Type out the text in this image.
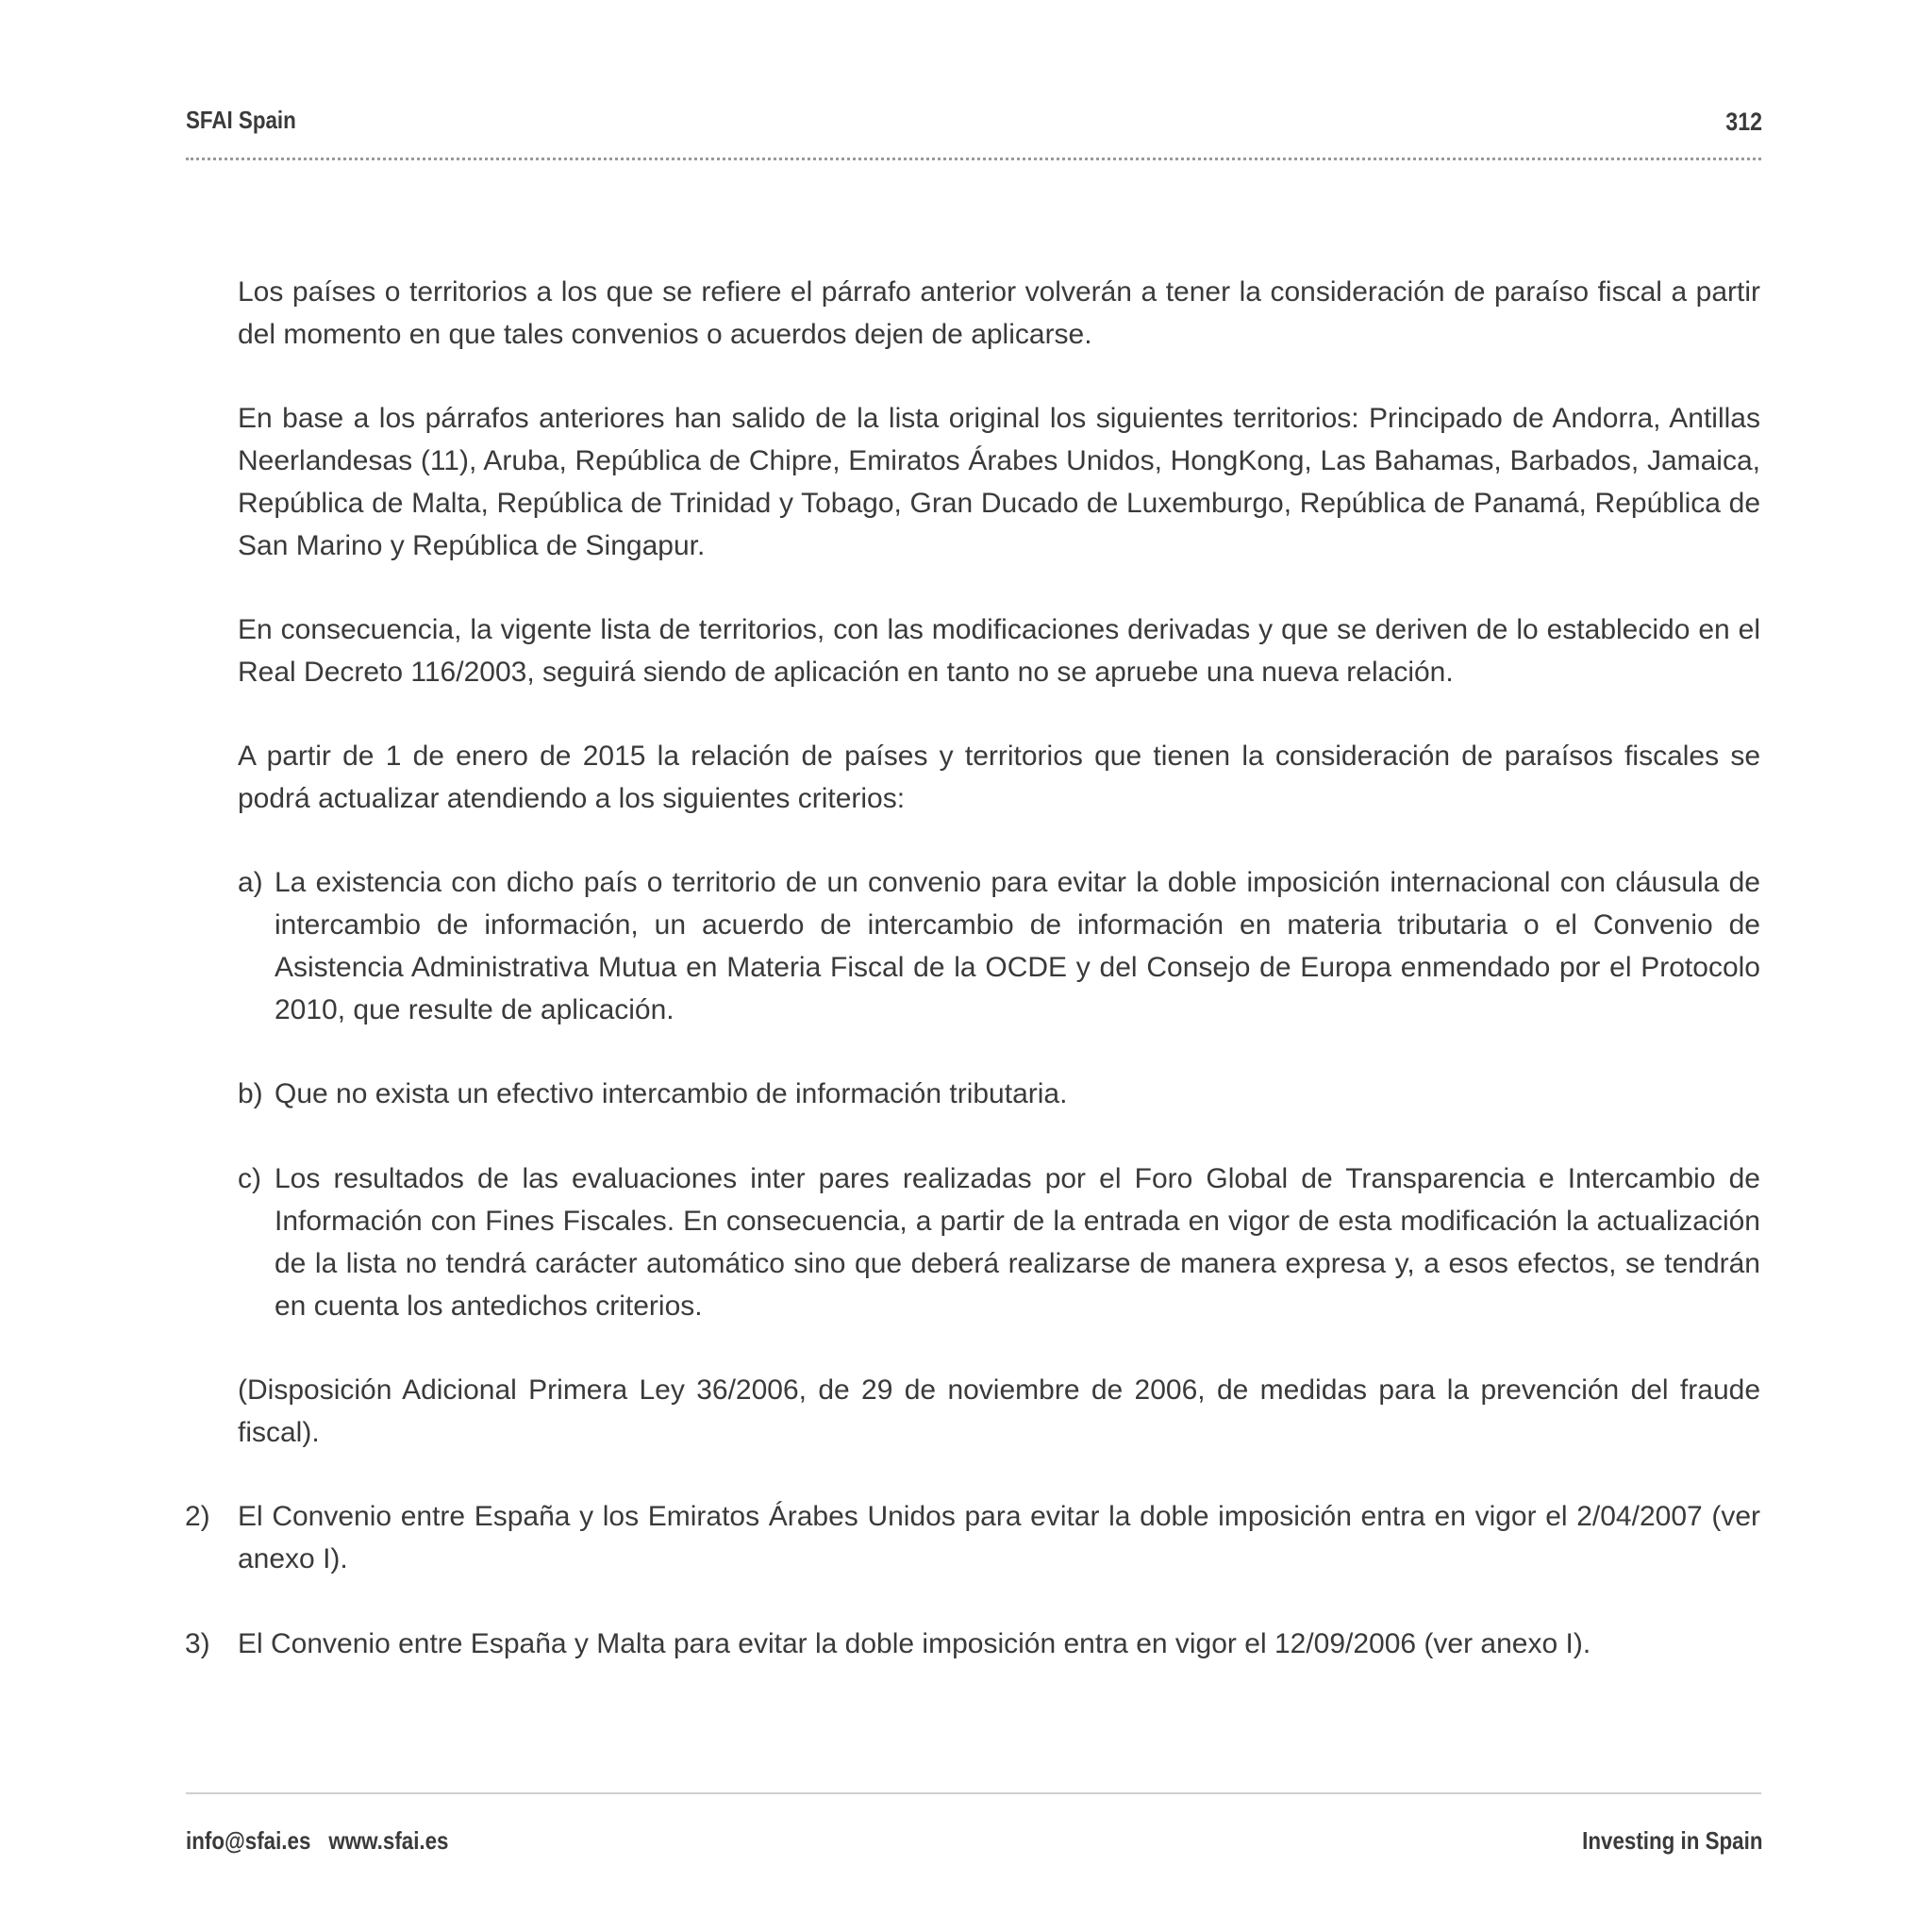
SFAI Spain	312

Los países o territorios a los que se refiere el párrafo anterior volverán a tener la consideración de paraíso fiscal a partir del momento en que tales convenios o acuerdos dejen de aplicarse.

En base a los párrafos anteriores han salido de la lista original los siguientes territorios: Principado de Andorra, Antillas Neerlandesas (11), Aruba, República de Chipre, Emiratos Árabes Unidos, HongKong, Las Bahamas, Barbados, Jamaica, República de Malta, República de Trinidad y Tobago, Gran Ducado de Luxemburgo, República de Panamá, República de San Marino y República de Singapur.

En consecuencia, la vigente lista de territorios, con las modificaciones derivadas y que se deriven de lo establecido en el Real Decreto 116/2003, seguirá siendo de aplicación en tanto no se apruebe una nueva relación.

A partir de 1 de enero de 2015 la relación de países y territorios que tienen la consideración de paraísos fiscales se podrá actualizar atendiendo a los siguientes criterios:

a) La existencia con dicho país o territorio de un convenio para evitar la doble imposición internacional con cláusula de intercambio de información, un acuerdo de intercambio de información en materia tributaria o el Convenio de Asistencia Administrativa Mutua en Materia Fiscal de la OCDE y del Consejo de Europa enmendado por el Protocolo 2010, que resulte de aplicación.
b) Que no exista un efectivo intercambio de información tributaria.
c) Los resultados de las evaluaciones inter pares realizadas por el Foro Global de Transparencia e Intercambio de Información con Fines Fiscales. En consecuencia, a partir de la entrada en vigor de esta modificación la actualización de la lista no tendrá carácter automático sino que deberá realizarse de manera expresa y, a esos efectos, se tendrán en cuenta los antedichos criterios.

(Disposición Adicional Primera Ley 36/2006, de 29 de noviembre de 2006, de medidas para la prevención del fraude fiscal).

2) El Convenio entre España y los Emiratos Árabes Unidos para evitar la doble imposición entra en vigor el 2/04/2007 (ver anexo I).
3) El Convenio entre España y Malta para evitar la doble imposición entra en vigor el 12/09/2006 (ver anexo I).
info@sfai.es www.sfai.es	Investing in Spain
